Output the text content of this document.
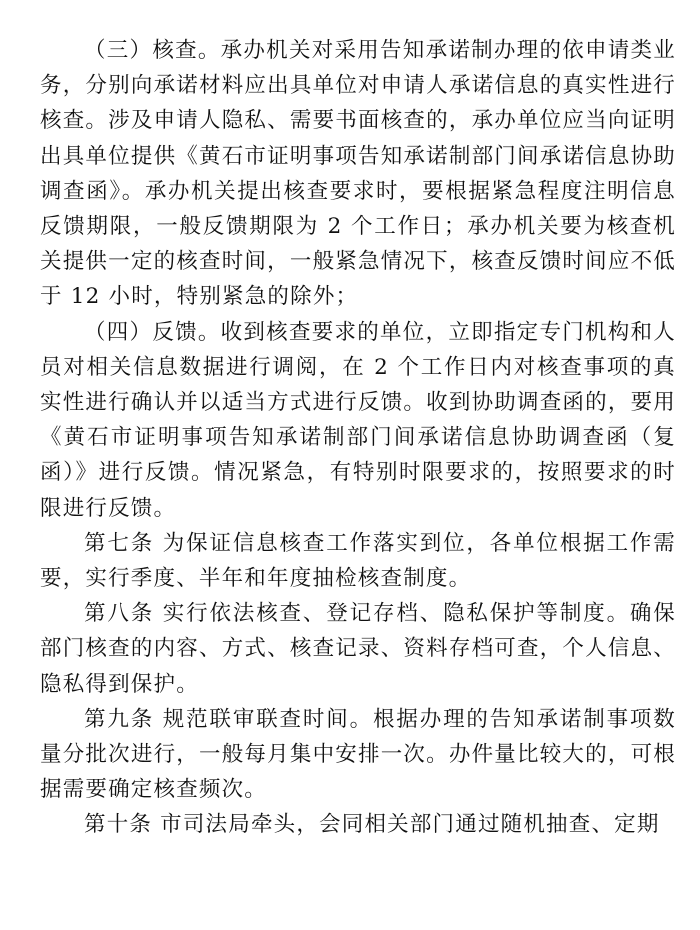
（三）核查。承办机关对采用告知承诺制办理的依申请类业务，分别向承诺材料应出具单位对申请人承诺信息的真实性进行核查。涉及申请人隐私、需要书面核查的，承办单位应当向证明出具单位提供《黄石市证明事项告知承诺制部门间承诺信息协助调查函》。承办机关提出核查要求时，要根据紧急程度注明信息反馈期限，一般反馈期限为 2 个工作日；承办机关要为核查机关提供一定的核查时间，一般紧急情况下，核查反馈时间应不低于 12 小时，特别紧急的除外；

（四）反馈。收到核查要求的单位，立即指定专门机构和人员对相关信息数据进行调阅，在 2 个工作日内对核查事项的真实性进行确认并以适当方式进行反馈。收到协助调查函的，要用《黄石市证明事项告知承诺制部门间承诺信息协助调查函（复函）》进行反馈。情况紧急，有特别时限要求的，按照要求的时限进行反馈。

第七条 为保证信息核查工作落实到位，各单位根据工作需要，实行季度、半年和年度抽检核查制度。

第八条 实行依法核查、登记存档、隐私保护等制度。确保部门核查的内容、方式、核查记录、资料存档可查，个人信息、隐私得到保护。

第九条 规范联审联查时间。根据办理的告知承诺制事项数量分批次进行，一般每月集中安排一次。办件量比较大的，可根据需要确定核查频次。

第十条 市司法局牵头，会同相关部门通过随机抽查、定期
